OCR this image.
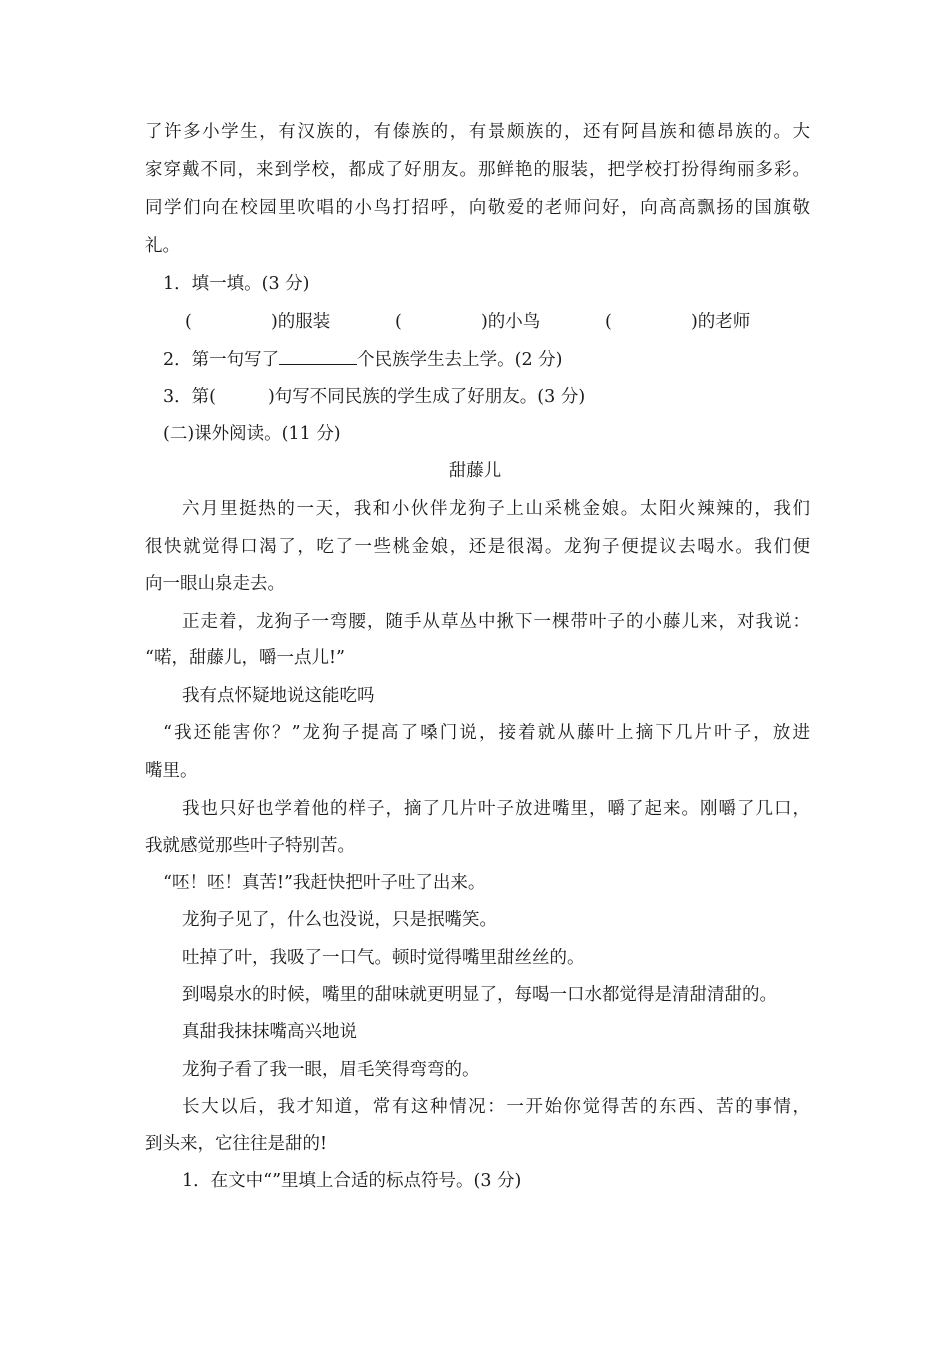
了许多小学生，有汉族的，有傣族的，有景颇族的，还有阿昌族和德昂族的。大
家穿戴不同，来到学校，都成了好朋友。那鲜艳的服装，把学校打扮得绚丽多彩。
同学们向在校园里吹唱的小鸟打招呼，向敬爱的老师问好，向高高飘扬的国旗敬
礼。
1．填一填。(3 分)
(	)的服装	(	)的小鸟	(	)的老师
2．第一句写了	个民族学生去上学。(2 分)
3．第(	)句写不同民族的学生成了好朋友。(3 分)
(二)课外阅读。(11 分)
甜藤儿
六月里挺热的一天，我和小伙伴龙狗子上山采桃金娘。太阳火辣辣的，我们
很快就觉得口渴了，吃了一些桃金娘，还是很渴。龙狗子便提议去喝水。我们便
向一眼山泉走去。
正走着，龙狗子一弯腰，随手从草丛中揪下一棵带叶子的小藤儿来，对我说：
“喏，甜藤儿，嚼一点儿!”
我有点怀疑地说这能吃吗
“我还能害你？”龙狗子提高了嗓门说，接着就从藤叶上摘下几片叶子，放进
嘴里。
我也只好也学着他的样子，摘了几片叶子放进嘴里，嚼了起来。刚嚼了几口，
我就感觉那些叶子特别苦。
“呸！呸！真苦!”我赶快把叶子吐了出来。
龙狗子见了，什么也没说，只是抿嘴笑。
吐掉了叶，我吸了一口气。顿时觉得嘴里甜丝丝的。
到喝泉水的时候，嘴里的甜味就更明显了，每喝一口水都觉得是清甜清甜的。
真甜我抹抹嘴高兴地说
龙狗子看了我一眼，眉毛笑得弯弯的。
长大以后，我才知道，常有这种情况：一开始你觉得苦的东西、苦的事情，
到头来，它往往是甜的!
1．在文中“”里填上合适的标点符号。(3 分)
